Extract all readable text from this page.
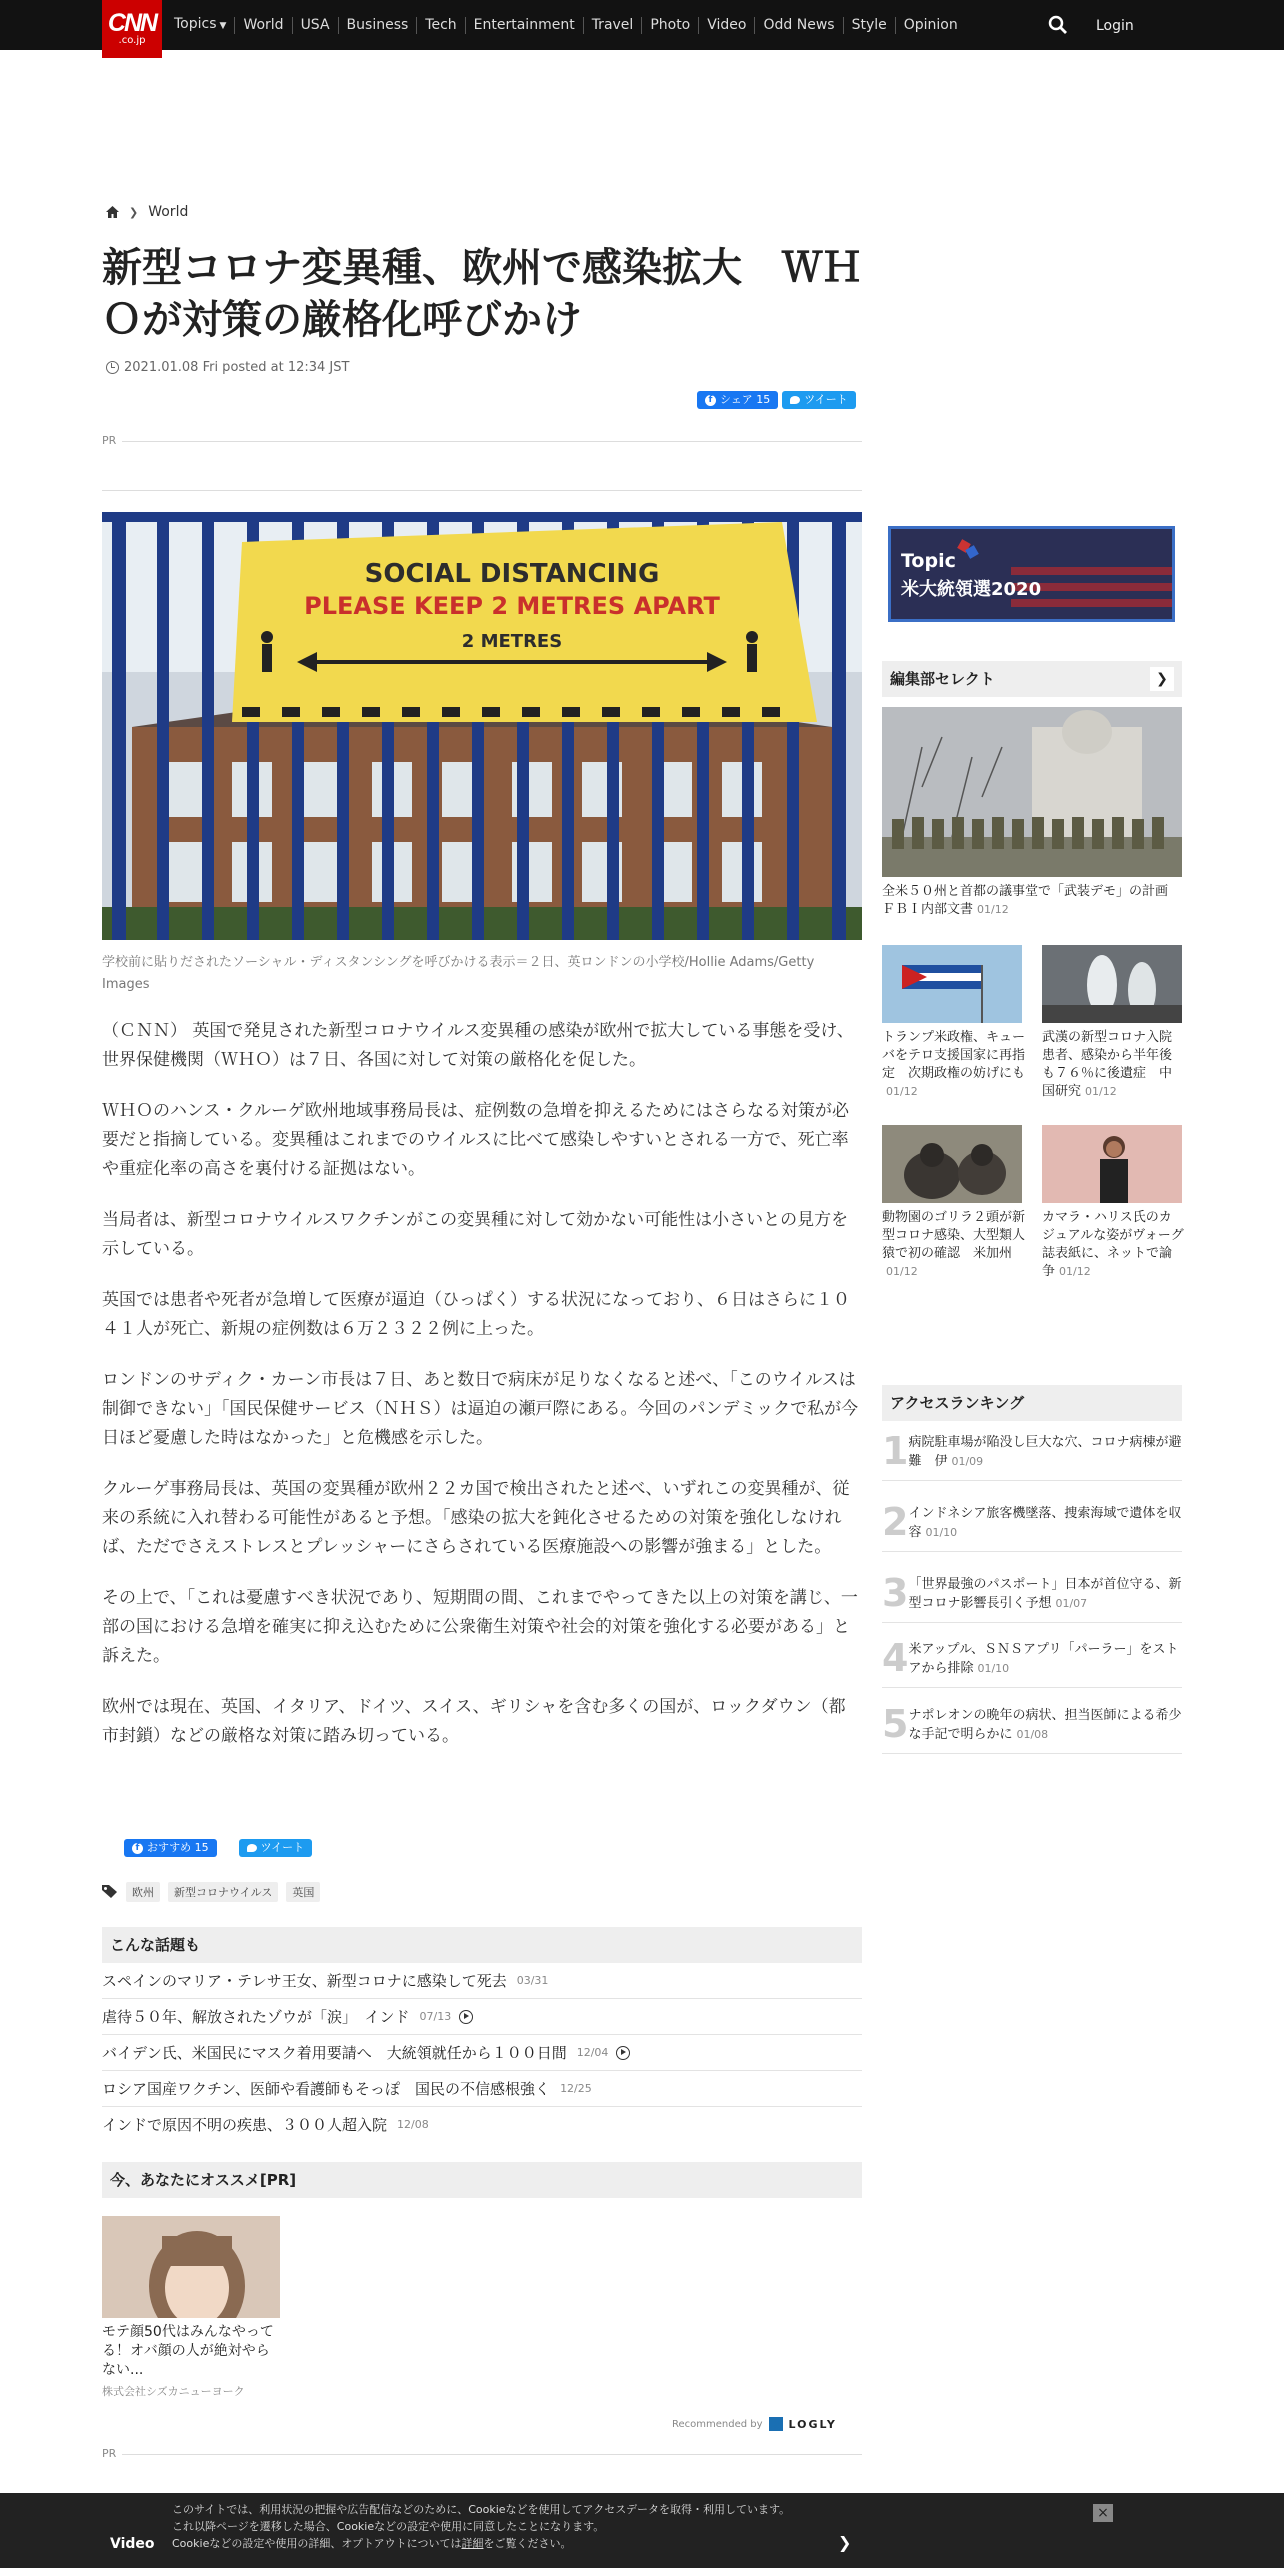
CNN
.co.jp
Topics ▼	World	USA	Business	Tech	Entertainment	Travel	Photo	Video	Odd News	Style	Opinion	Login
❯ World
新型コロナ変異種、欧州で感染拡大　ＷＨＯが対策の厳格化呼びかけ
2021.01.08 Fri posted at 12:34 JST
f シェア
15	ツイート
PR
SOCIAL DISTANCING
PLEASE KEEP 2 METRES APART
2 METRES

学校前に貼りだされたソーシャル・ディスタンシングを呼びかける表示＝２日、英ロンドンの小学校/Hollie Adams/Getty Images

（ＣＮＮ） 英国で発見された新型コロナウイルス変異種の感染が欧州で拡大している事態を受け、世界保健機関（ＷＨＯ）は７日、各国に対して対策の厳格化を促した。

ＷＨＯのハンス・クルーゲ欧州地域事務局長は、症例数の急増を抑えるためにはさらなる対策が必要だと指摘している。変異種はこれまでのウイルスに比べて感染しやすいとされる一方で、死亡率や重症化率の高さを裏付ける証拠はない。

当局者は、新型コロナウイルスワクチンがこの変異種に対して効かない可能性は小さいとの見方を示している。

英国では患者や死者が急増して医療が逼迫（ひっぱく）する状況になっており、６日はさらに１０４１人が死亡、新規の症例数は６万２３２２例に上った。

ロンドンのサディク・カーン市長は７日、あと数日で病床が足りなくなると述べ、「このウイルスは制御できない」「国民保健サービス（ＮＨＳ）は逼迫の瀬戸際にある。今回のパンデミックで私が今日ほど憂慮した時はなかった」と危機感を示した。

クルーゲ事務局長は、英国の変異種が欧州２２カ国で検出されたと述べ、いずれこの変異種が、従来の系統に入れ替わる可能性があると予想。「感染の拡大を鈍化させるための対策を強化しなければ、ただでさえストレスとプレッシャーにさらされている医療施設への影響が強まる」とした。

その上で、「これは憂慮すべき状況であり、短期間の間、これまでやってきた以上の対策を講じ、一部の国における急増を確実に抑え込むために公衆衛生対策や社会的対策を強化する必要がある」と訴えた。

欧州では現在、英国、イタリア、ドイツ、スイス、ギリシャを含む多くの国が、ロックダウン（都市封鎖）などの厳格な対策に踏み切っている。

f おすすめ
15	ツイート
欧州	新型コロナウイルス	英国
こんな話題も
スペインのマリア・テレサ王女、新型コロナに感染して死去 03/31
虐待５０年、解放されたゾウが「涙」　インド 07/13
バイデン氏、米国民にマスク着用要請へ　大統領就任から１００日間 12/04
ロシア国産ワクチン、医師や看護師もそっぽ　国民の不信感根強く 12/25
インドで原因不明の疾患、３００人超入院 12/08
今、あなたにオススメ[PR]

モテ顔50代はみんなやってる！オバ顔の人が絶対やらない...

株式会社シズカニューヨーク
Recommended by LOGLY
PR
Topic
米大統領選2020
編集部セレクト	❯

全米５０州と首都の議事堂で「武装デモ」の計画　ＦＢＩ内部文書 01/12

トランプ米政権、キューバをテロ支援国家に再指定　次期政権の妨げにも01/12

武漢の新型コロナ入院患者、感染から半年後も７６％に後遺症　中国研究 01/12

動物園のゴリラ２頭が新型コロナ感染、大型類人猿で初の確認　米加州01/12

カマラ・ハリス氏のカジュアルな姿がヴォーグ誌表紙に、ネットで論争 01/12

アクセスランキング
1 病院駐車場が陥没し巨大な穴、コロナ病棟が避難　伊 01/09
2 インドネシア旅客機墜落、捜索海域で遺体を収容 01/10
3 「世界最強のパスポート」日本が首位守る、新型コロナ影響長引く予想 01/07
4 米アップル、ＳＮＳアプリ「パーラー」をストアから排除 01/10
5 ナポレオンの晩年の病状、担当医師による希少な手記で明らかに 01/08
Video	❯
このサイトでは、利用状況の把握や広告配信などのために、Cookieなどを使用してアクセスデータを取得・利用しています。
これ以降ページを遷移した場合、Cookieなどの設定や使用に同意したことになります。
Cookieなどの設定や使用の詳細、オプトアウトについては詳細をご覧ください。
×
